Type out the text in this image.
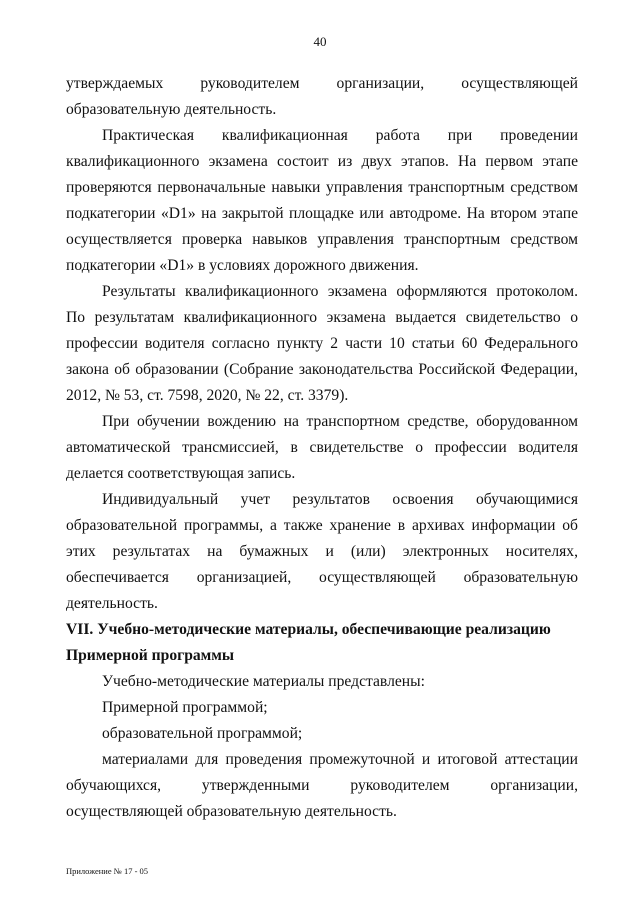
40

утверждаемых руководителем организации, осуществляющей образовательную деятельность.

Практическая квалификационная работа при проведении квалификационного экзамена состоит из двух этапов. На первом этапе проверяются первоначальные навыки управления транспортным средством подкатегории «D1» на закрытой площадке или автодроме. На втором этапе осуществляется проверка навыков управления транспортным средством подкатегории «D1» в условиях дорожного движения.

Результаты квалификационного экзамена оформляются протоколом. По результатам квалификационного экзамена выдается свидетельство о профессии водителя согласно пункту 2 части 10 статьи 60 Федерального закона об образовании (Собрание законодательства Российской Федерации, 2012, № 53, ст. 7598, 2020, № 22, ст. 3379).

При обучении вождению на транспортном средстве, оборудованном автоматической трансмиссией, в свидетельстве о профессии водителя делается соответствующая запись.

Индивидуальный учет результатов освоения обучающимися образовательной программы, а также хранение в архивах информации об этих результатах на бумажных и (или) электронных носителях, обеспечивается организацией, осуществляющей образовательную деятельность.

VII. Учебно-методические материалы, обеспечивающие реализацию

Примерной программы

Учебно-методические материалы представлены:

Примерной программой;

образовательной программой;

материалами для проведения промежуточной и итоговой аттестации обучающихся, утвержденными руководителем организации, осуществляющей образовательную деятельность.

Приложение № 17 - 05
